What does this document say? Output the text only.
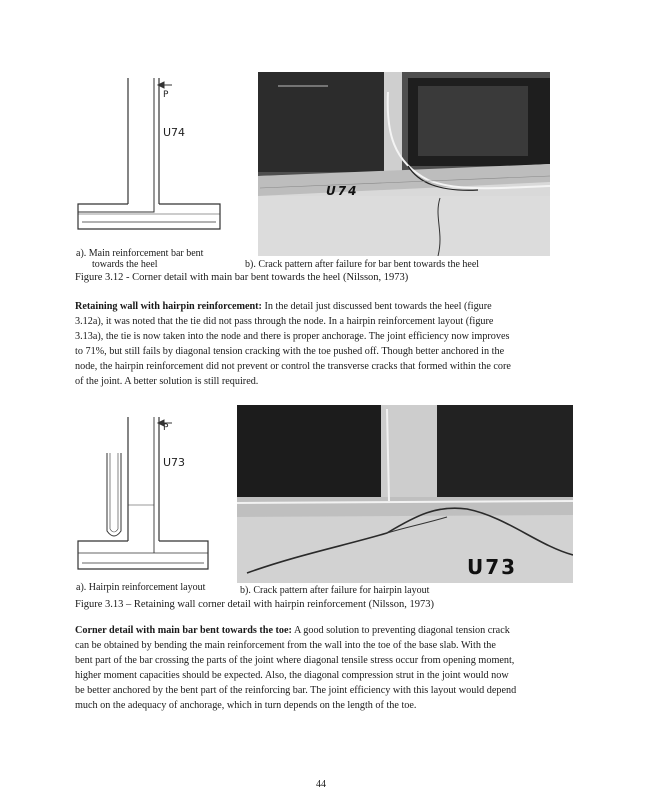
P
U74
U74
a). Main reinforcement bar bent
towards the heel	b). Crack pattern after failure for bar bent towards the heel
Figure 3.12 - Corner detail with main bar bent towards the heel (Nilsson, 1973)
Retaining wall with hairpin reinforcement: In the detail just discussed bent towards the heel (figure
3.12a), it was noted that the tie did not pass through the node. In a hairpin reinforcement layout (figure
3.13a), the tie is now taken into the node and there is proper anchorage. The joint efficiency now improves
to 71%, but still fails by diagonal tension cracking with the toe pushed off. Though better anchored in the
node, the hairpin reinforcement did not prevent or control the transverse cracks that formed within the core
of the joint. A better solution is still required.
P
U73
U73
a). Hairpin reinforcement layout	b). Crack pattern after failure for hairpin layout
Figure 3.13 – Retaining wall corner detail with hairpin reinforcement (Nilsson, 1973)
Corner detail with main bar bent towards the toe: A good solution to preventing diagonal tension crack
can be obtained by bending the main reinforcement from the wall into the toe of the base slab. With the
bent part of the bar crossing the parts of the joint where diagonal tensile stress occur from opening moment,
higher moment capacities should be expected. Also, the diagonal compression strut in the joint would now
be better anchored by the bent part of the reinforcing bar. The joint efficiency with this layout would depend
much on the adequacy of anchorage, which in turn depends on the length of the toe.
44
